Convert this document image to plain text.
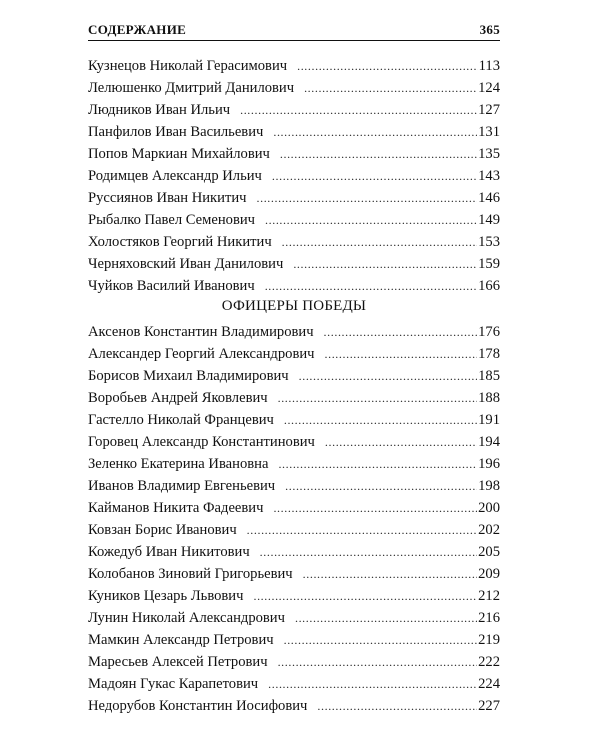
СОДЕРЖАНИЕ	365
Кузнецов Николай Герасимович .....	113
Лелюшенко Дмитрий Данилович .....	124
Людников Иван Ильич .....	127
Панфилов Иван Васильевич .....	131
Попов Маркиан Михайлович .....	135
Родимцев Александр Ильич .....	143
Руссиянов Иван Никитич .....	146
Рыбалко Павел Семенович .....	149
Холостяков Георгий Никитич .....	153
Черняховский Иван Данилович .....	159
Чуйков Василий Иванович .....	166
ОФИЦЕРЫ ПОБЕДЫ
Аксенов Константин Владимирович .....	176
Александер Георгий Александрович .....	178
Борисов Михаил Владимирович .....	185
Воробьев Андрей Яковлевич .....	188
Гастелло Николай Францевич .....	191
Горовец Александр Константинович .....	194
Зеленко Екатерина Ивановна .....	196
Иванов Владимир Евгеньевич .....	198
Кайманов Никита Фадеевич .....	200
Ковзан Борис Иванович .....	202
Кожедуб Иван Никитович .....	205
Колобанов Зиновий Григорьевич .....	209
Куников Цезарь Львович .....	212
Лунин Николай Александрович .....	216
Мамкин Александр Петрович .....	219
Маресьев Алексей Петрович .....	222
Мадоян Гукас Карапетович .....	224
Недорубов Константин Иосифович .....	227
